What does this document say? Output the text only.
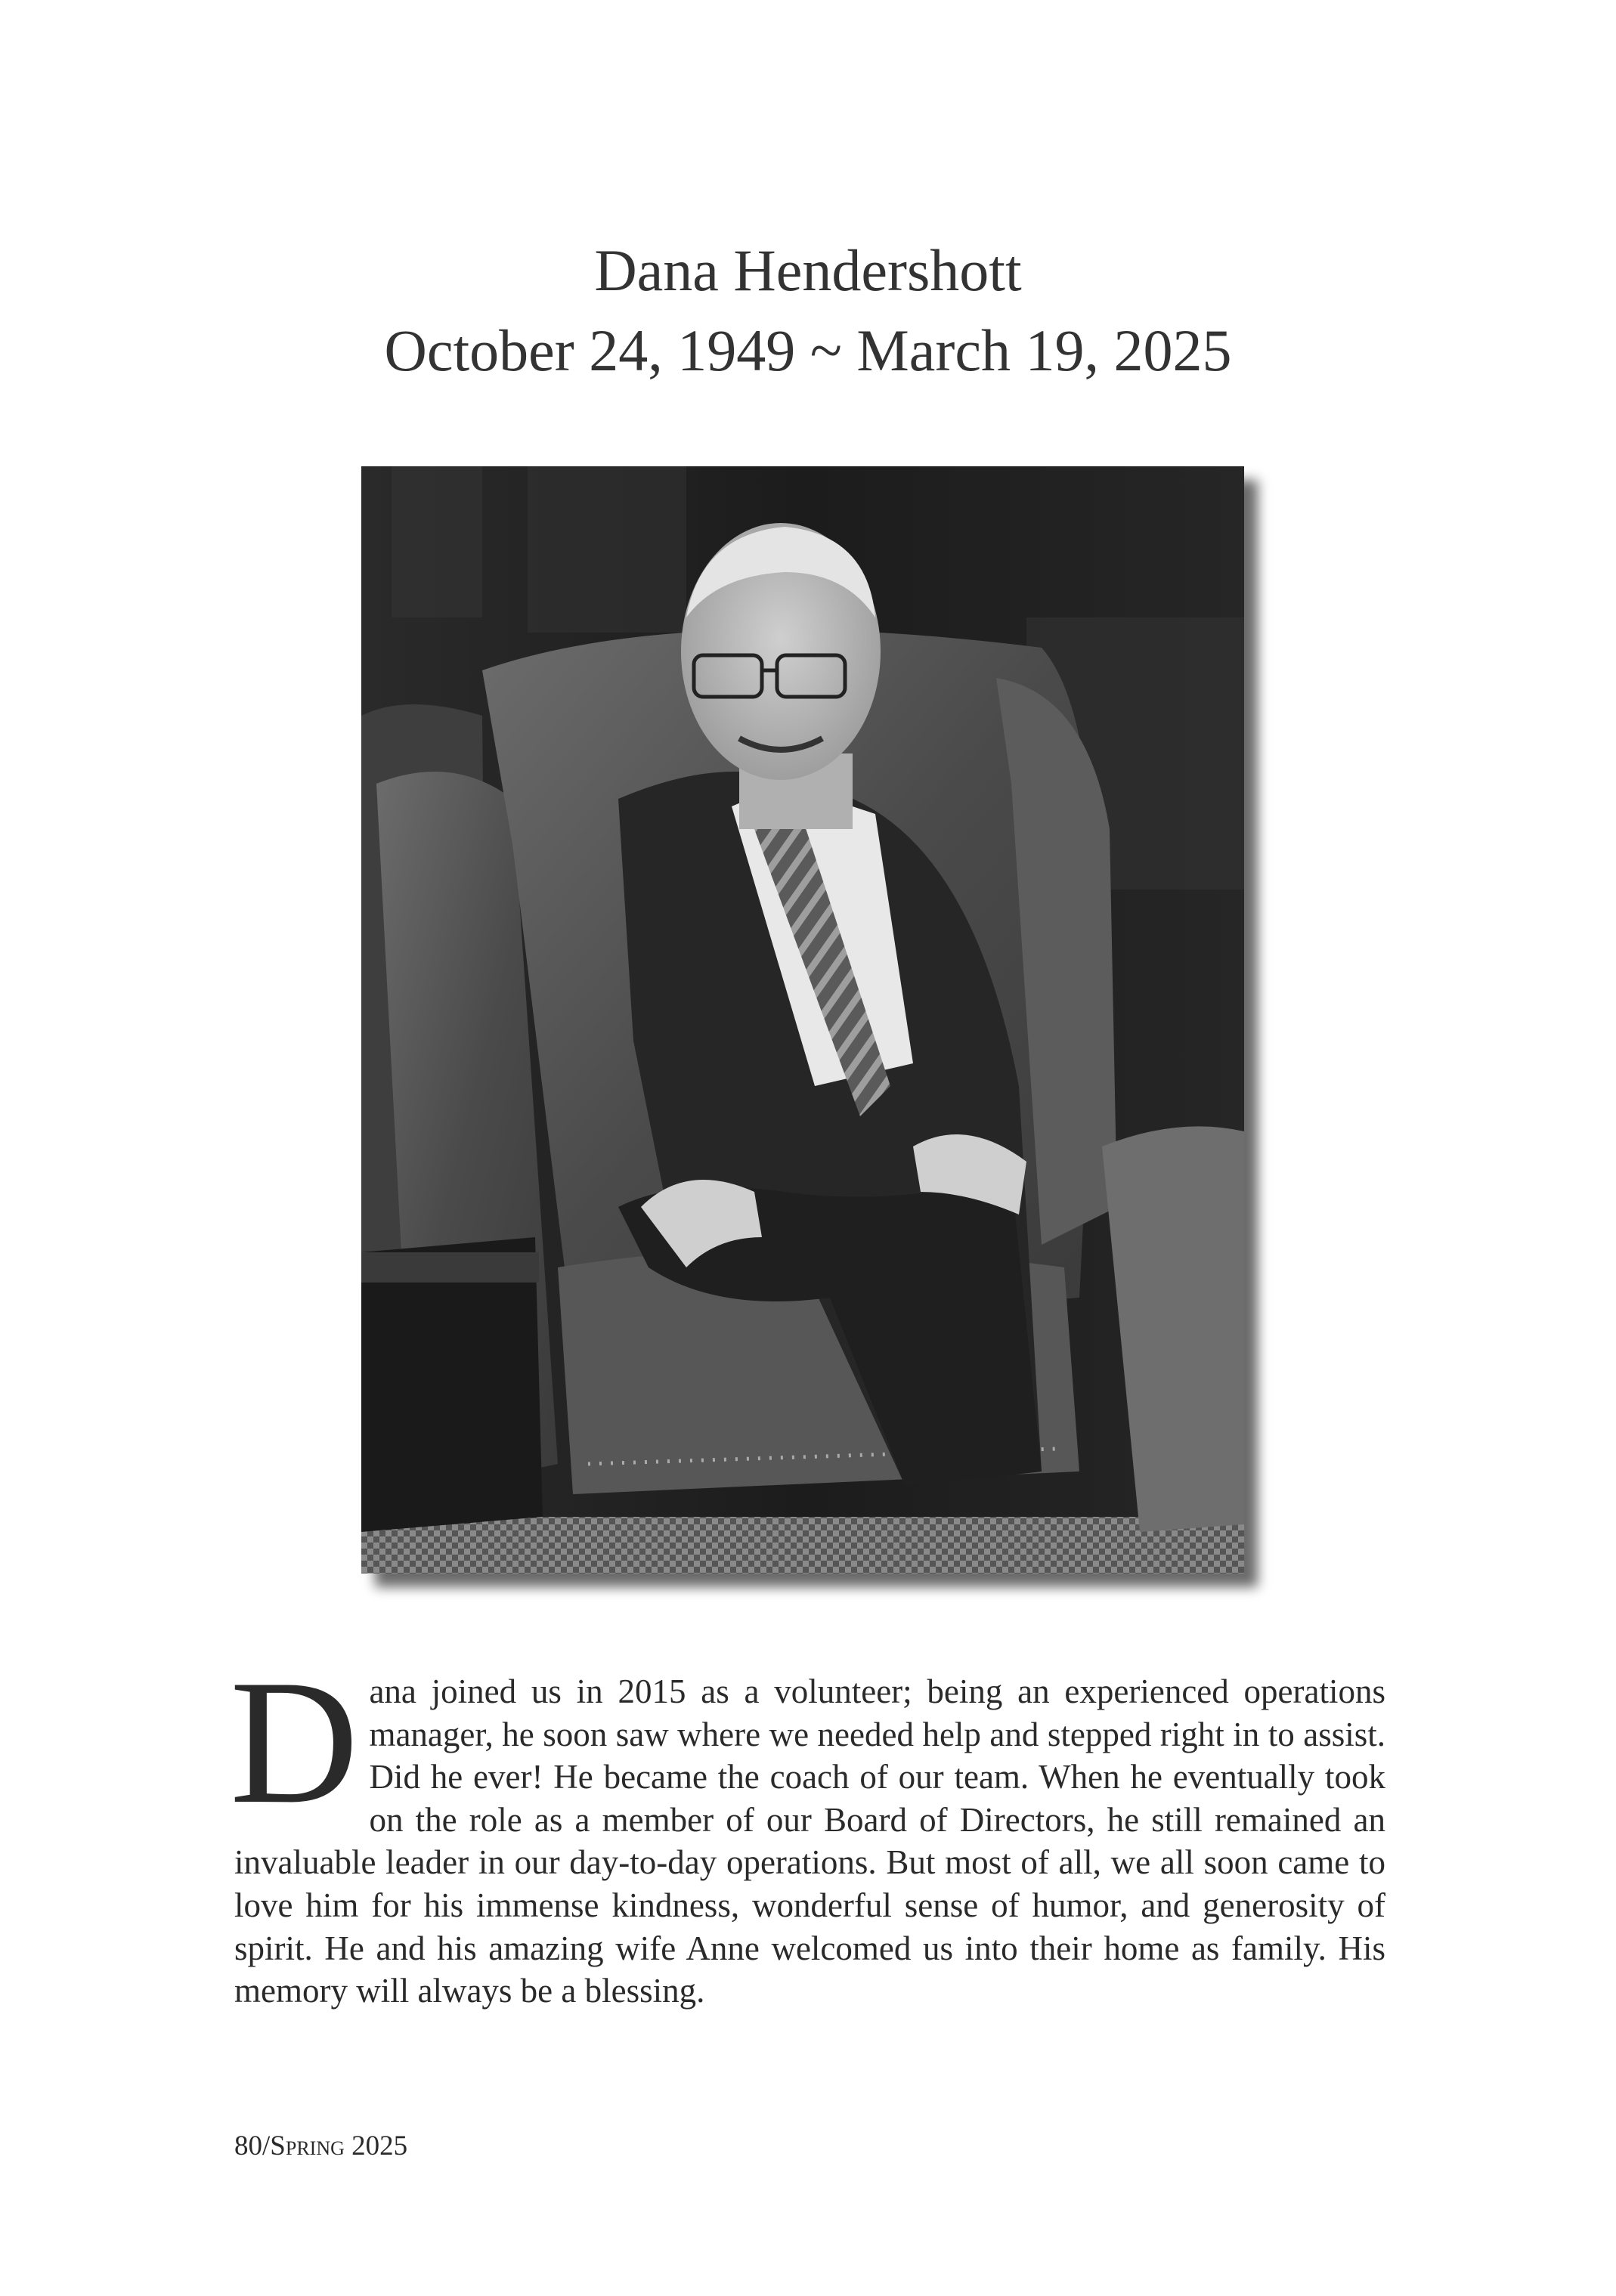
Dana Hendershott
October 24, 1949 ~ March 19, 2025
Dana joined us in 2015 as a volunteer; being an experienced operations manager, he soon saw where we needed help and stepped right in to assist. Did he ever! He became the coach of our team. When he eventually took on the role as a member of our Board of Directors, he still remained an invaluable leader in our day-to-day operations. But most of all, we all soon came to love him for his immense kindness, wonderful sense of humor, and generosity of spirit. He and his amazing wife Anne welcomed us into their home as family. His memory will always be a blessing.
80/Spring 2025
